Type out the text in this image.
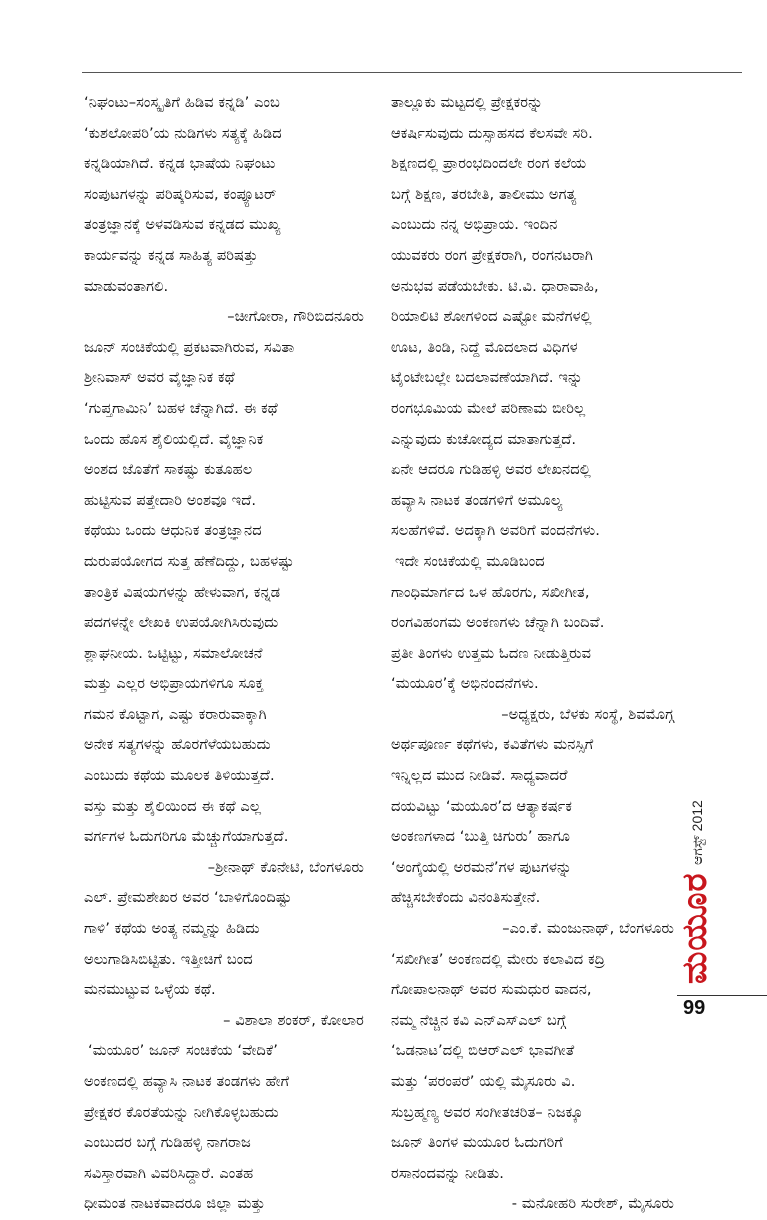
‘ನಿಘಂಟು–ಸಂಸ್ಕೃತಿಗೆ ಹಿಡಿವ ಕನ್ನಡಿ’ ಎಂಬ
‘ಕುಶಲೋಪರಿ’ಯ ನುಡಿಗಳು ಸತ್ಯಕ್ಕೆ ಹಿಡಿದ
ಕನ್ನಡಿಯಾಗಿದೆ. ಕನ್ನಡ ಭಾಷೆಯ ನಿಘಂಟು
ಸಂಪುಟಗಳನ್ನು ಪರಿಷ್ಕರಿಸುವ, ಕಂಪ್ಯೂಟರ್
ತಂತ್ರಜ್ಞಾನಕ್ಕೆ ಅಳವಡಿಸುವ ಕನ್ನಡದ ಮುಖ್ಯ
ಕಾರ್ಯವನ್ನು ಕನ್ನಡ ಸಾಹಿತ್ಯ ಪರಿಷತ್ತು
ಮಾಡುವಂತಾಗಲಿ.
–ಚೀಗೋರಾ, ಗೌರಿಬಿದನೂರು
ಜೂನ್ ಸಂಚಿಕೆಯಲ್ಲಿ ಪ್ರಕಟವಾಗಿರುವ, ಸವಿತಾ
ಶ್ರೀನಿವಾಸ್ ಅವರ ವೈಜ್ಞಾನಿಕ ಕಥೆ
‘ಗುಪ್ತಗಾಮಿನಿ’ ಬಹಳ ಚೆನ್ನಾಗಿದೆ. ಈ ಕಥೆ
ಒಂದು ಹೊಸ ಶೈಲಿಯಲ್ಲಿದೆ. ವೈಜ್ಞಾನಿಕ
ಅಂಶದ ಜೊತೆಗೆ ಸಾಕಷ್ಟು ಕುತೂಹಲ
ಹುಟ್ಟಿಸುವ ಪತ್ತೇದಾರಿ ಅಂಶವೂ ಇದೆ.
ಕಥೆಯು ಒಂದು ಆಧುನಿಕ ತಂತ್ರಜ್ಞಾನದ
ದುರುಪಯೋಗದ ಸುತ್ತ ಹೆಣೆದಿದ್ದು, ಬಹಳಷ್ಟು
ತಾಂತ್ರಿಕ ವಿಷಯಗಳನ್ನು ಹೇಳುವಾಗ, ಕನ್ನಡ
ಪದಗಳನ್ನೇ ಲೇಖಕಿ ಉಪಯೋಗಿಸಿರುವುದು
ಶ್ಲಾಘನೀಯ. ಒಟ್ಟಿಟ್ಟು, ಸಮಾಲೋಚನೆ
ಮತ್ತು ಎಲ್ಲರ ಅಭಿಪ್ರಾಯಗಳಿಗೂ ಸೂಕ್ತ
ಗಮನ ಕೊಟ್ಟಾಗ, ಎಷ್ಟು ಕರಾರುವಾಕ್ಕಾಗಿ
ಅನೇಕ ಸತ್ಯಗಳನ್ನು ಹೊರಗೆಳೆಯಬಹುದು
ಎಂಬುದು ಕಥೆಯ ಮೂಲಕ ತಿಳಿಯುತ್ತದೆ.
ವಸ್ತು ಮತ್ತು ಶೈಲಿಯಿಂದ ಈ ಕಥೆ ಎಲ್ಲ
ವರ್ಗಗಳ ಓದುಗರಿಗೂ ಮೆಚ್ಚುಗೆಯಾಗುತ್ತದೆ.
–ಶ್ರೀನಾಥ್ ಕೊನೇಟಿ, ಬೆಂಗಳೂರು
ಎಲ್. ಪ್ರೇಮಶೇಖರ ಅವರ ‘ಬಾಳಿಗೊಂದಿಷ್ಟು
ಗಾಳಿ’ ಕಥೆಯ ಅಂತ್ಯ ನಮ್ಮನ್ನು ಹಿಡಿದು
ಅಲುಗಾಡಿಸಿಬಿಟ್ಟಿತು. ಇತ್ತೀಚಿಗೆ ಬಂದ
ಮನಮುಟ್ಟುವ ಒಳ್ಳೆಯ ಕಥೆ.
– ವಿಶಾಲಾ ಶಂಕರ್, ಕೋಲಾರ
‘ಮಯೂರ’ ಜೂನ್ ಸಂಚಿಕೆಯ ‘ವೇದಿಕೆ’
ಅಂಕಣದಲ್ಲಿ ಹವ್ಯಾಸಿ ನಾಟಕ ತಂಡಗಳು ಹೇಗೆ
ಪ್ರೇಕ್ಷಕರ ಕೊರತೆಯನ್ನು ನೀಗಿಕೊಳ್ಳಬಹುದು
ಎಂಬುದರ ಬಗ್ಗೆ ಗುಡಿಹಳ್ಳಿ ನಾಗರಾಜ
ಸವಿಸ್ತಾರವಾಗಿ ವಿವರಿಸಿದ್ದಾರೆ. ಎಂತಹ
ಧೀಮಂತ ನಾಟಕವಾದರೂ ಜಿಲ್ಲಾ ಮತ್ತು
ತಾಲ್ಲೂಕು ಮಟ್ಟದಲ್ಲಿ ಪ್ರೇಕ್ಷಕರನ್ನು
ಆಕರ್ಷಿಸುವುದು ದುಸ್ಸಾಹಸದ ಕೆಲಸವೇ ಸರಿ.
ಶಿಕ್ಷಣದಲ್ಲಿ ಪ್ರಾರಂಭದಿಂದಲೇ ರಂಗ ಕಲೆಯ
ಬಗ್ಗೆ ಶಿಕ್ಷಣ, ತರಬೇತಿ, ತಾಲೀಮು ಅಗತ್ಯ
ಎಂಬುದು ನನ್ನ ಅಭಿಪ್ರಾಯ. ಇಂದಿನ
ಯುವಕರು ರಂಗ ಪ್ರೇಕ್ಷಕರಾಗಿ, ರಂಗನಟರಾಗಿ
ಅನುಭವ ಪಡೆಯಬೇಕು. ಟಿ.ವಿ. ಧಾರಾವಾಹಿ,
ರಿಯಾಲಿಟಿ ಶೋಗಳಿಂದ ಎಷ್ಟೋ ಮನೆಗಳಲ್ಲಿ
ಊಟ, ತಿಂಡಿ, ನಿದ್ದೆ ಮೊದಲಾದ ವಿಧಿಗಳ
ಟೈಂಟೇಬಲ್ಲೇ ಬದಲಾವಣೆಯಾಗಿದೆ. ಇನ್ನು
ರಂಗಭೂಮಿಯ ಮೇಲೆ ಪರಿಣಾಮ ಬೀರಿಲ್ಲ
ಎನ್ನುವುದು ಕುಚೋದ್ಯದ ಮಾತಾಗುತ್ತದೆ.
ಏನೇ ಆದರೂ ಗುಡಿಹಳ್ಳಿ ಅವರ ಲೇಖನದಲ್ಲಿ
ಹವ್ಯಾಸಿ ನಾಟಕ ತಂಡಗಳಿಗೆ ಅಮೂಲ್ಯ
ಸಲಹೆಗಳಿವೆ. ಅದಕ್ಕಾಗಿ ಅವರಿಗೆ ವಂದನೆಗಳು.
ಇದೇ ಸಂಚಿಕೆಯಲ್ಲಿ ಮೂಡಿಬಂದ
ಗಾಂಧಿಮಾರ್ಗದ ಒಳ ಹೊರಗು, ಸಖೀಗೀತ,
ರಂಗವಿಹಂಗಮ ಅಂಕಣಗಳು ಚೆನ್ನಾಗಿ ಬಂದಿವೆ.
ಪ್ರತೀ ತಿಂಗಳು ಉತ್ತಮ ಓದಣ ನೀಡುತ್ತಿರುವ
‘ಮಯೂರ’ಕ್ಕೆ ಅಭಿನಂದನೆಗಳು.
–ಅಧ್ಯಕ್ಷರು, ಬೆಳಕು ಸಂಸ್ಥೆ, ಶಿವಮೊಗ್ಗ
ಅರ್ಥಪೂರ್ಣ ಕಥೆಗಳು, ಕವಿತೆಗಳು ಮನಸ್ಸಿಗೆ
ಇನ್ನಿಲ್ಲದ ಮುದ ನೀಡಿವೆ. ಸಾಧ್ಯವಾದರೆ
ದಯವಿಟ್ಟು ‘ಮಯೂರ’ದ ಆತ್ಯಾಕರ್ಷಕ
ಅಂಕಣಗಳಾದ ‘ಬುತ್ತಿ ಚಿಗುರು’ ಹಾಗೂ
‘ಅಂಗೈಯಲ್ಲಿ ಅರಮನೆ’ಗಳ ಪುಟಗಳನ್ನು
ಹೆಚ್ಚಿಸಬೇಕೆಂದು ವಿನಂತಿಸುತ್ತೇನೆ.
–ಎಂ.ಕೆ. ಮಂಜುನಾಥ್, ಬೆಂಗಳೂರು
‘ಸಖೀಗೀತ’ ಅಂಕಣದಲ್ಲಿ ಮೇರು ಕಲಾವಿದ ಕದ್ರಿ
ಗೋಪಾಲನಾಥ್ ಅವರ ಸುಮಧುರ ವಾದನ,
ನಮ್ಮ ನೆಚ್ಚಿನ ಕವಿ ಎನ್‌ಎಸ್‌ಎಲ್ ಬಗ್ಗೆ
‘ಒಡನಾಟ’ದಲ್ಲಿ ಬಿಆರ್‌ಎಲ್ ಭಾವಗೀತೆ
ಮತ್ತು ‘ಪರಂಪರೆ’ ಯಲ್ಲಿ ಮೈಸೂರು ವಿ.
ಸುಬ್ರಹ್ಮಣ್ಯ ಅವರ ಸಂಗೀತಚರಿತ– ನಿಜಕ್ಕೂ
ಜೂನ್ ತಿಂಗಳ ಮಯೂರ ಓದುಗರಿಗೆ
ರಸಾನಂದವನ್ನು ನೀಡಿತು.
- ಮನೋಹರಿ ಸುರೇಶ್, ಮೈಸೂರು
ಆಗಸ್ಟ್ 2012
ಮಯೂರ
99
